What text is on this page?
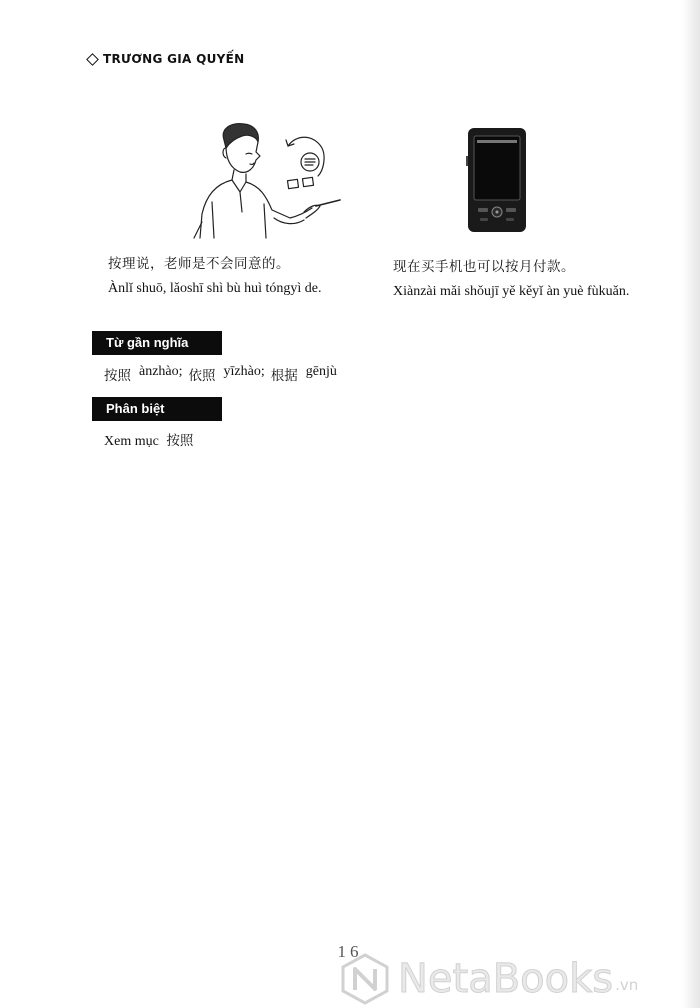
TRƯƠNG GIA QUYẾN
按理说，老师是不会同意的。
Ànlǐ shuō, lǎoshī shì bù huì tóngyì de.
现在买手机也可以按月付款。
Xiànzài mǎi shǒujī yě kěyǐ àn yuè fùkuǎn.
Từ gần nghĩa
按照 ànzhào; 依照 yīzhào; 根据 gēnjù
Phân biệt
Xem mục 按照
16
NetaBooks .vn
